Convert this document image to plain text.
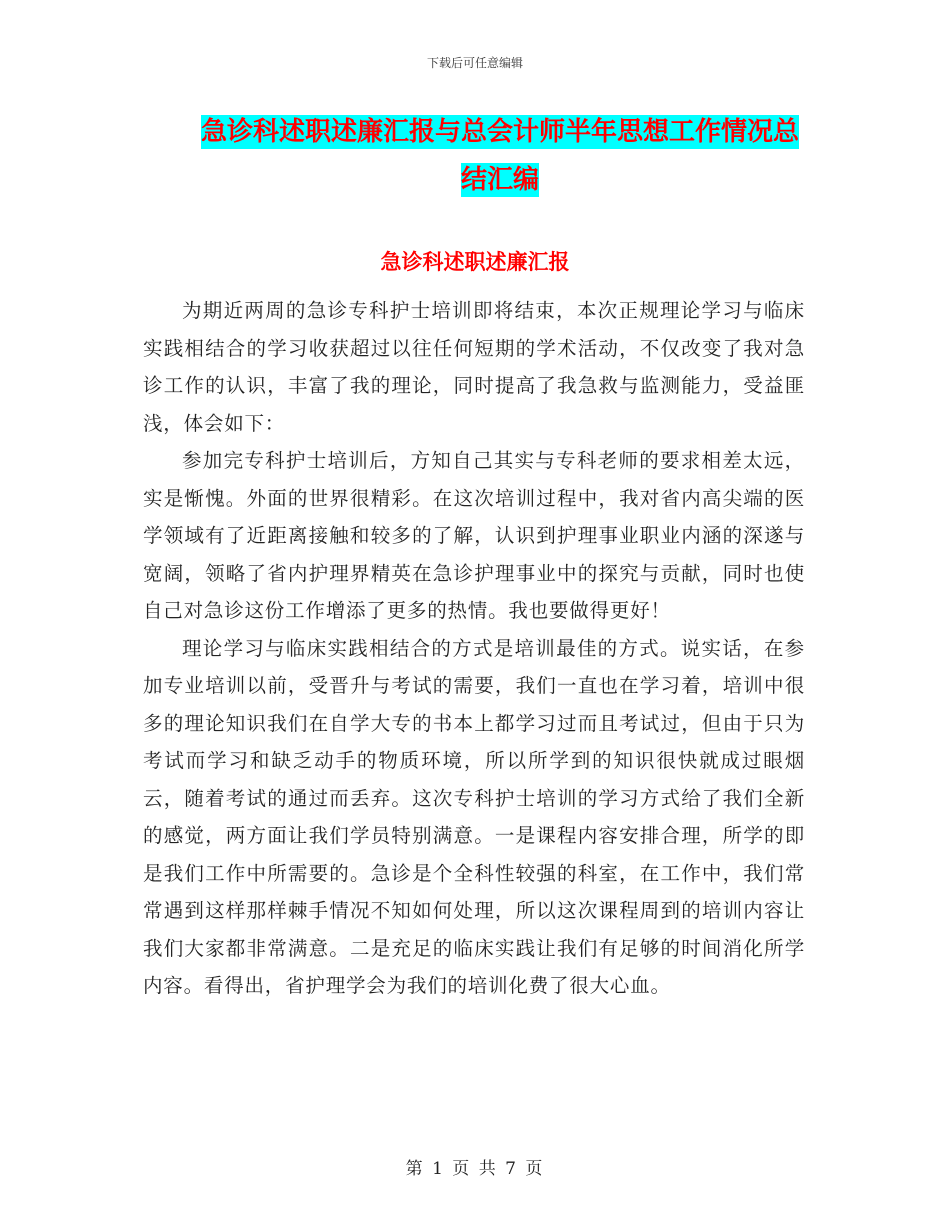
下载后可任意编辑
急诊科述职述廉汇报与总会计师半年思想工作情况总结汇编
急诊科述职述廉汇报

为期近两周的急诊专科护士培训即将结束，本次正规理论学习与临床实践相结合的学习收获超过以往任何短期的学术活动，不仅改变了我对急诊工作的认识，丰富了我的理论，同时提高了我急救与监测能力，受益匪浅，体会如下：

参加完专科护士培训后，方知自己其实与专科老师的要求相差太远，实是惭愧。外面的世界很精彩。在这次培训过程中，我对省内高尖端的医学领域有了近距离接触和较多的了解，认识到护理事业职业内涵的深遂与宽阔，领略了省内护理界精英在急诊护理事业中的探究与贡献，同时也使自己对急诊这份工作增添了更多的热情。我也要做得更好！

理论学习与临床实践相结合的方式是培训最佳的方式。说实话，在参加专业培训以前，受晋升与考试的需要，我们一直也在学习着，培训中很多的理论知识我们在自学大专的书本上都学习过而且考试过，但由于只为考试而学习和缺乏动手的物质环境，所以所学到的知识很快就成过眼烟云，随着考试的通过而丢弃。这次专科护士培训的学习方式给了我们全新的感觉，两方面让我们学员特别满意。一是课程内容安排合理，所学的即是我们工作中所需要的。急诊是个全科性较强的科室，在工作中，我们常常遇到这样那样棘手情况不知如何处理，所以这次课程周到的培训内容让我们大家都非常满意。二是充足的临床实践让我们有足够的时间消化所学内容。看得出，省护理学会为我们的培训化费了很大心血。

第 1 页 共 7 页
